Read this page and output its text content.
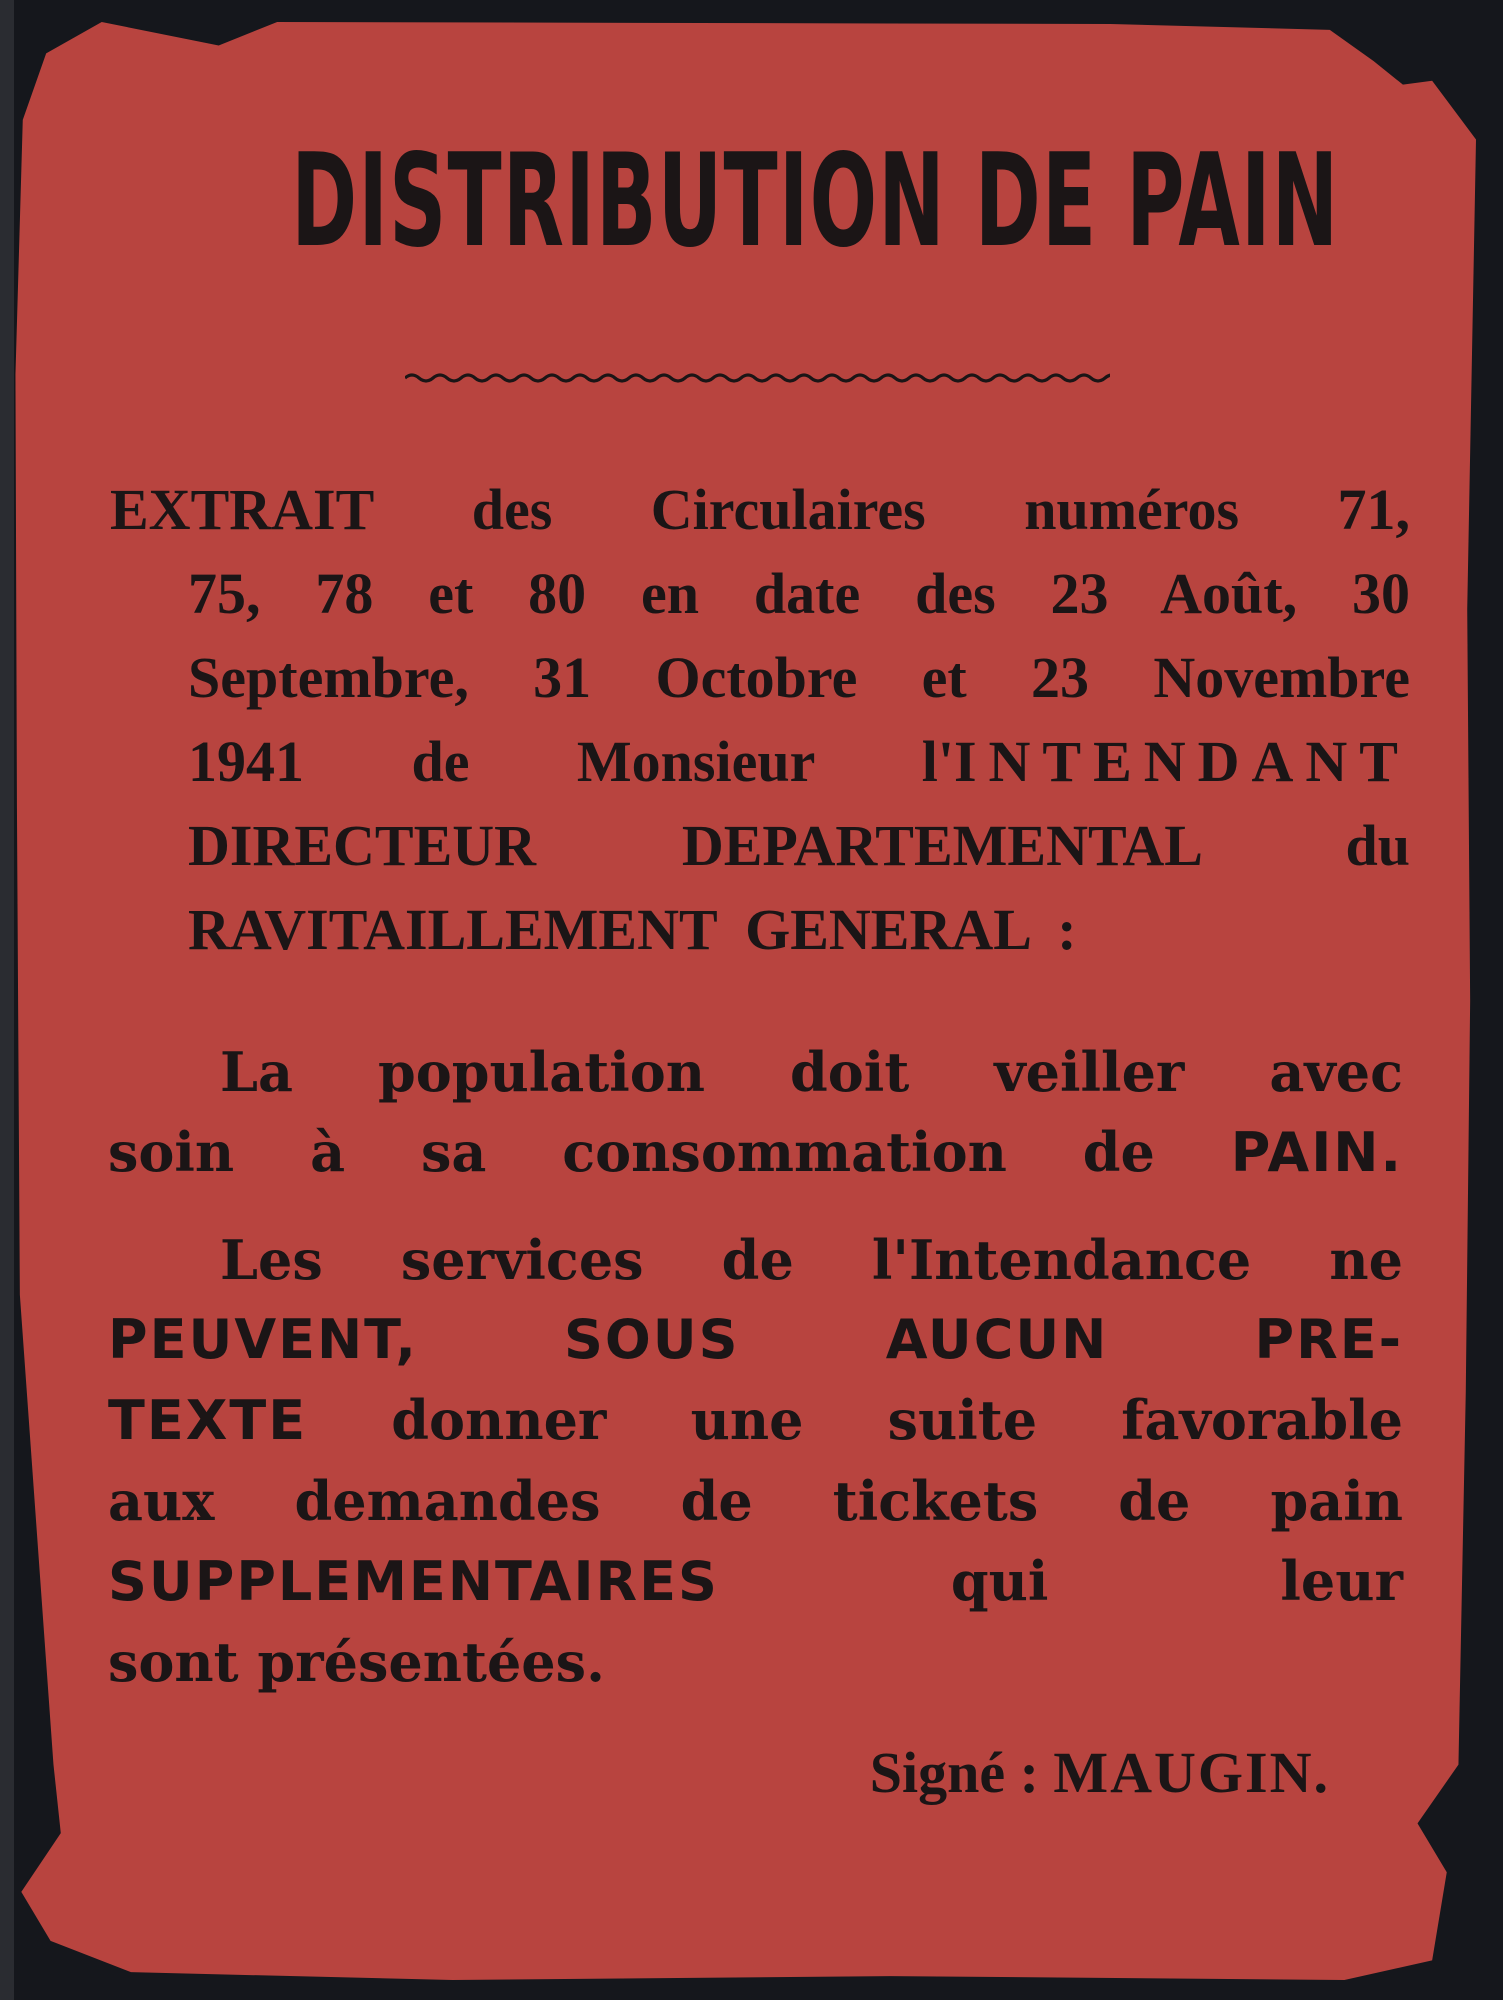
DISTRIBUTION DE PAIN
EXTRAIT des Circulaires numéros 71,
75, 78 et 80 en date des 23 Août, 30
Septembre, 31 Octobre et 23 Novembre
1941 de Monsieur l'INTENDANT
DIRECTEUR DEPARTEMENTAL	du
RAVITAILLEMENT GENERAL :
La population doit veiller avec
soin à sa consommation de PAIN.
Les services de l'Intendance ne
PEUVENT, SOUS AUCUN PRE-
TEXTE donner une suite favorable
aux demandes de tickets de pain
SUPPLEMENTAIRES	qui leur
sont présentées.
Signé : MAUGIN.
